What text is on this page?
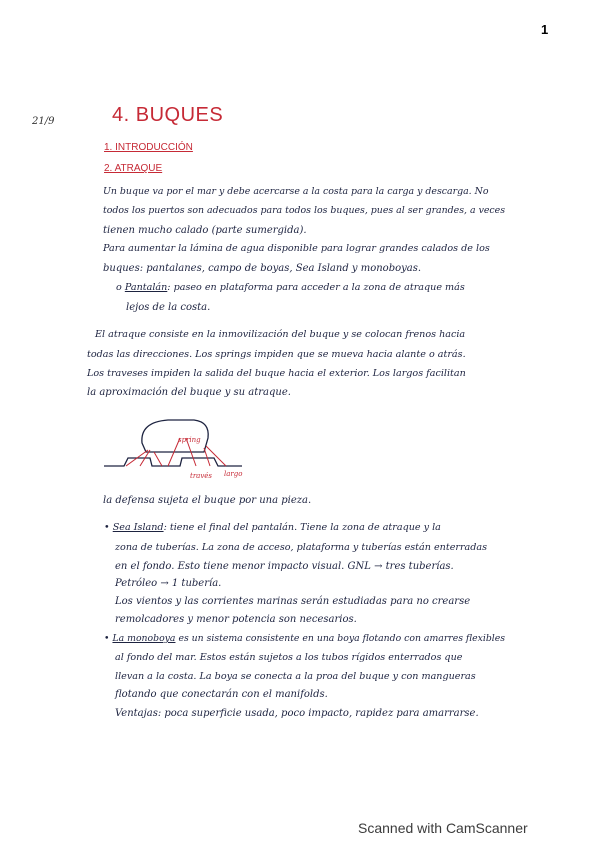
1
21/9	4. BUQUES
1. INTRODUCCIÓN
2. ATRAQUE
Un buque va por el mar y debe acercarse a la costa para la carga y descarga. No
todos los puertos son adecuados para todos los buques, pues al ser grandes, a veces
tienen mucho calado (parte sumergida).
Para aumentar la lámina de agua disponible para lograr grandes calados de los
buques: pantalanes, campo de boyas, Sea Island y monoboyas.
o Pantalán: paseo en plataforma para acceder a la zona de atraque más
lejos de la costa.
El atraque consiste en la inmovilización del buque y se colocan frenos hacia
todas las direcciones. Los springs impiden que se mueva hacia alante o atrás.
Los traveses impiden la salida del buque hacia el exterior. Los largos facilitan
la aproximación del buque y su atraque.
spring
través largo
la defensa sujeta el buque por una pieza.
• Sea Island: tiene el final del pantalán. Tiene la zona de atraque y la
zona de tuberías. La zona de acceso, plataforma y tuberías están enterradas
en el fondo. Esto tiene menor impacto visual. GNL → tres tuberías.
Petróleo → 1 tubería.
Los vientos y las corrientes marinas serán estudiadas para no crearse
remolcadores y menor potencia son necesarios.
• La monoboya es un sistema consistente en una boya flotando con amarres flexibles
al fondo del mar. Estos están sujetos a los tubos rígidos enterrados que
llevan a la costa. La boya se conecta a la proa del buque y con mangueras
flotando que conectarán con el manifolds.
Ventajas: poca superficie usada, poco impacto, rapidez para amarrarse.
Scanned with CamScanner
